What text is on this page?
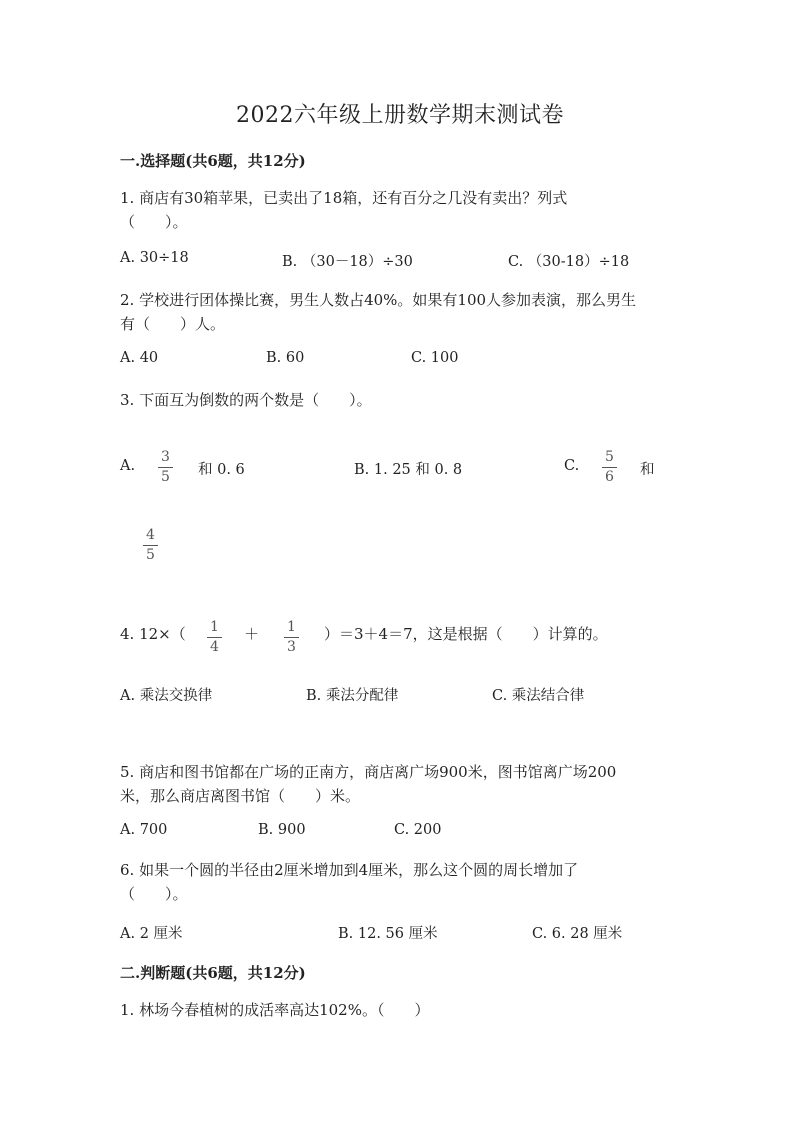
2022六年级上册数学期末测试卷
一.选择题(共6题，共12分)
1. 商店有30箱苹果，已卖出了18箱，还有百分之几没有卖出？列式
（　　）。
A. 30÷18	B. （30－18）÷30	C. （30-18）÷18
2. 学校进行团体操比赛，男生人数占40%。如果有100人参加表演，那么男生
有（　　）人。
A. 40	B. 60	C. 100
3. 下面互为倒数的两个数是（　　）。
A. $\frac{3}{5}$ 和 0. 6	B. 1. 25 和 0. 8	C. $\frac{5}{6}$ 和
$\frac{4}{5}$
4. $12\times( \frac{1}{4} + \frac{1}{3} )=3+4=7$，这是根据（　　）计算的。
A. 乘法交换律	B. 乘法分配律	C. 乘法结合律
5. 商店和图书馆都在广场的正南方，商店离广场900米，图书馆离广场200
米，那么商店离图书馆（　　）米。
A. 700	B. 900	C. 200
6. 如果一个圆的半径由2厘米增加到4厘米，那么这个圆的周长增加了
（　　）。
A. 2 厘米	B. 12. 56 厘米	C. 6. 28 厘米
二.判断题(共6题，共12分)
1. 林场今春植树的成活率高达102%。（　　）
